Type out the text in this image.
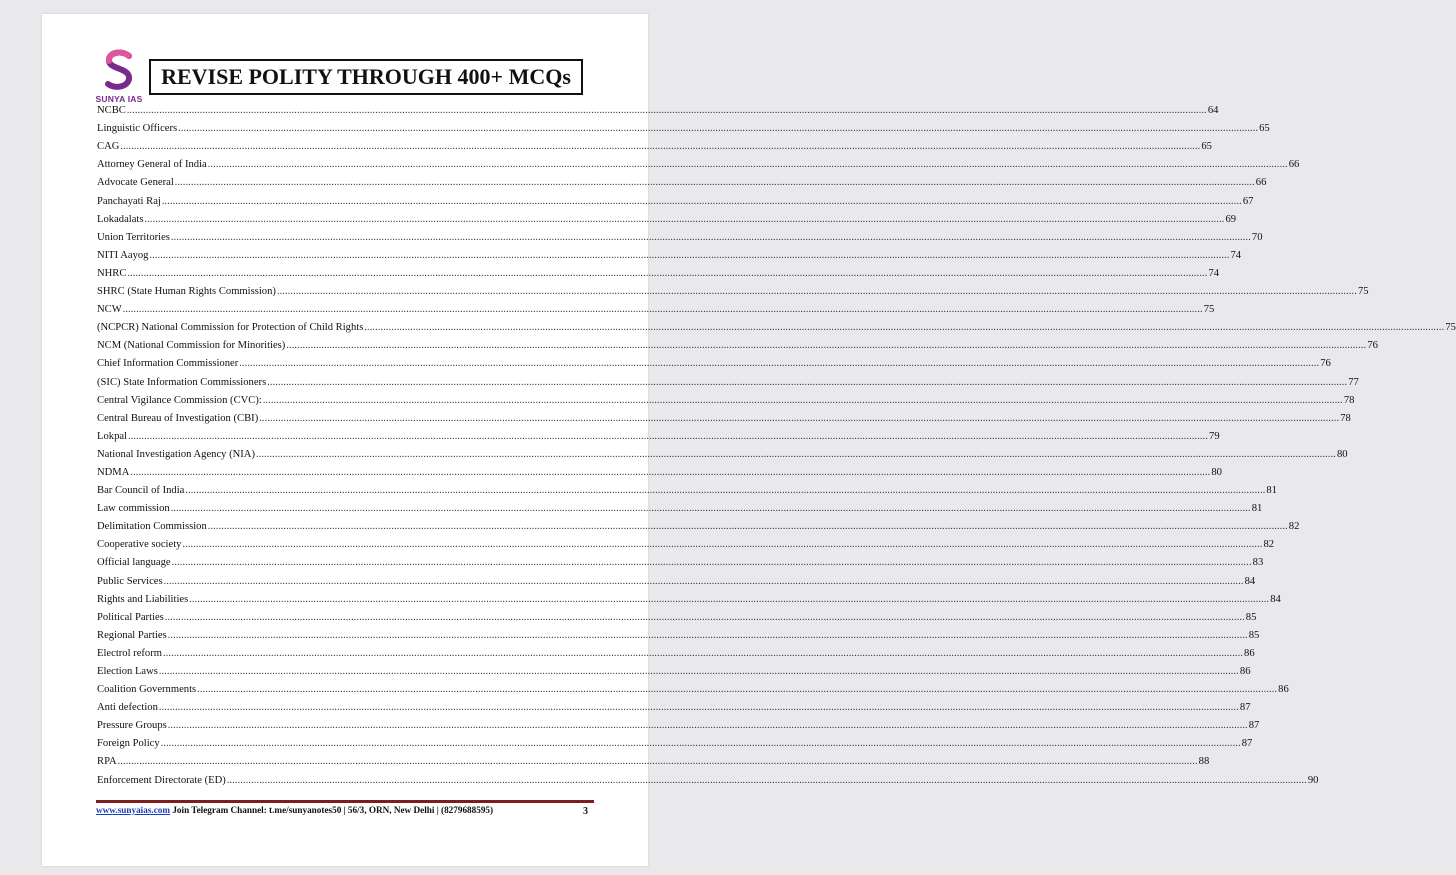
SUNYA IAS
REVISE POLITY THROUGH 400+ MCQs
NCBC ................................................................................................................................................................................................................................................................................................................................................................................................................ 64
Linguistic Officers ................................................................................................................................................................................................................................................................................................................................................................................................................ 65
CAG ................................................................................................................................................................................................................................................................................................................................................................................................................ 65
Attorney General of India ................................................................................................................................................................................................................................................................................................................................................................................................................ 66
Advocate General ................................................................................................................................................................................................................................................................................................................................................................................................................ 66
Panchayati Raj ................................................................................................................................................................................................................................................................................................................................................................................................................ 67
Lokadalats ................................................................................................................................................................................................................................................................................................................................................................................................................ 69
Union Territories ................................................................................................................................................................................................................................................................................................................................................................................................................ 70
NITI Aayog ................................................................................................................................................................................................................................................................................................................................................................................................................ 74
NHRC ................................................................................................................................................................................................................................................................................................................................................................................................................ 74
SHRC (State Human Rights Commission) ................................................................................................................................................................................................................................................................................................................................................................................................................ 75
NCW ................................................................................................................................................................................................................................................................................................................................................................................................................ 75
(NCPCR) National Commission for Protection of Child Rights ................................................................................................................................................................................................................................................................................................................................................................................................................ 75
NCM (National Commission for Minorities) ................................................................................................................................................................................................................................................................................................................................................................................................................ 76
Chief Information Commissioner ................................................................................................................................................................................................................................................................................................................................................................................................................ 76
(SIC) State Information Commissioners ................................................................................................................................................................................................................................................................................................................................................................................................................ 77
Central Vigilance Commission (CVC): ................................................................................................................................................................................................................................................................................................................................................................................................................ 78
Central Bureau of Investigation (CBI) ................................................................................................................................................................................................................................................................................................................................................................................................................ 78
Lokpal ................................................................................................................................................................................................................................................................................................................................................................................................................ 79
National Investigation Agency (NIA) ................................................................................................................................................................................................................................................................................................................................................................................................................ 80
NDMA ................................................................................................................................................................................................................................................................................................................................................................................................................ 80
Bar Council of India ................................................................................................................................................................................................................................................................................................................................................................................................................ 81
Law commission ................................................................................................................................................................................................................................................................................................................................................................................................................ 81
Delimitation Commission ................................................................................................................................................................................................................................................................................................................................................................................................................ 82
Cooperative society ................................................................................................................................................................................................................................................................................................................................................................................................................ 82
Official language ................................................................................................................................................................................................................................................................................................................................................................................................................ 83
Public Services ................................................................................................................................................................................................................................................................................................................................................................................................................ 84
Rights and Liabilities ................................................................................................................................................................................................................................................................................................................................................................................................................ 84
Political Parties ................................................................................................................................................................................................................................................................................................................................................................................................................ 85
Regional Parties ................................................................................................................................................................................................................................................................................................................................................................................................................ 85
Electrol reform ................................................................................................................................................................................................................................................................................................................................................................................................................ 86
Election Laws ................................................................................................................................................................................................................................................................................................................................................................................................................ 86
Coalition Governments ................................................................................................................................................................................................................................................................................................................................................................................................................ 86
Anti defection ................................................................................................................................................................................................................................................................................................................................................................................................................ 87
Pressure Groups ................................................................................................................................................................................................................................................................................................................................................................................................................ 87
Foreign Policy ................................................................................................................................................................................................................................................................................................................................................................................................................ 87
RPA ................................................................................................................................................................................................................................................................................................................................................................................................................ 88
Enforcement Directorate (ED) ................................................................................................................................................................................................................................................................................................................................................................................................................ 90
www.sunyaias.com Join Telegram Channel: t.me/sunyanotes50 | 56/3, ORN, New Delhi | (8279688595)	3
